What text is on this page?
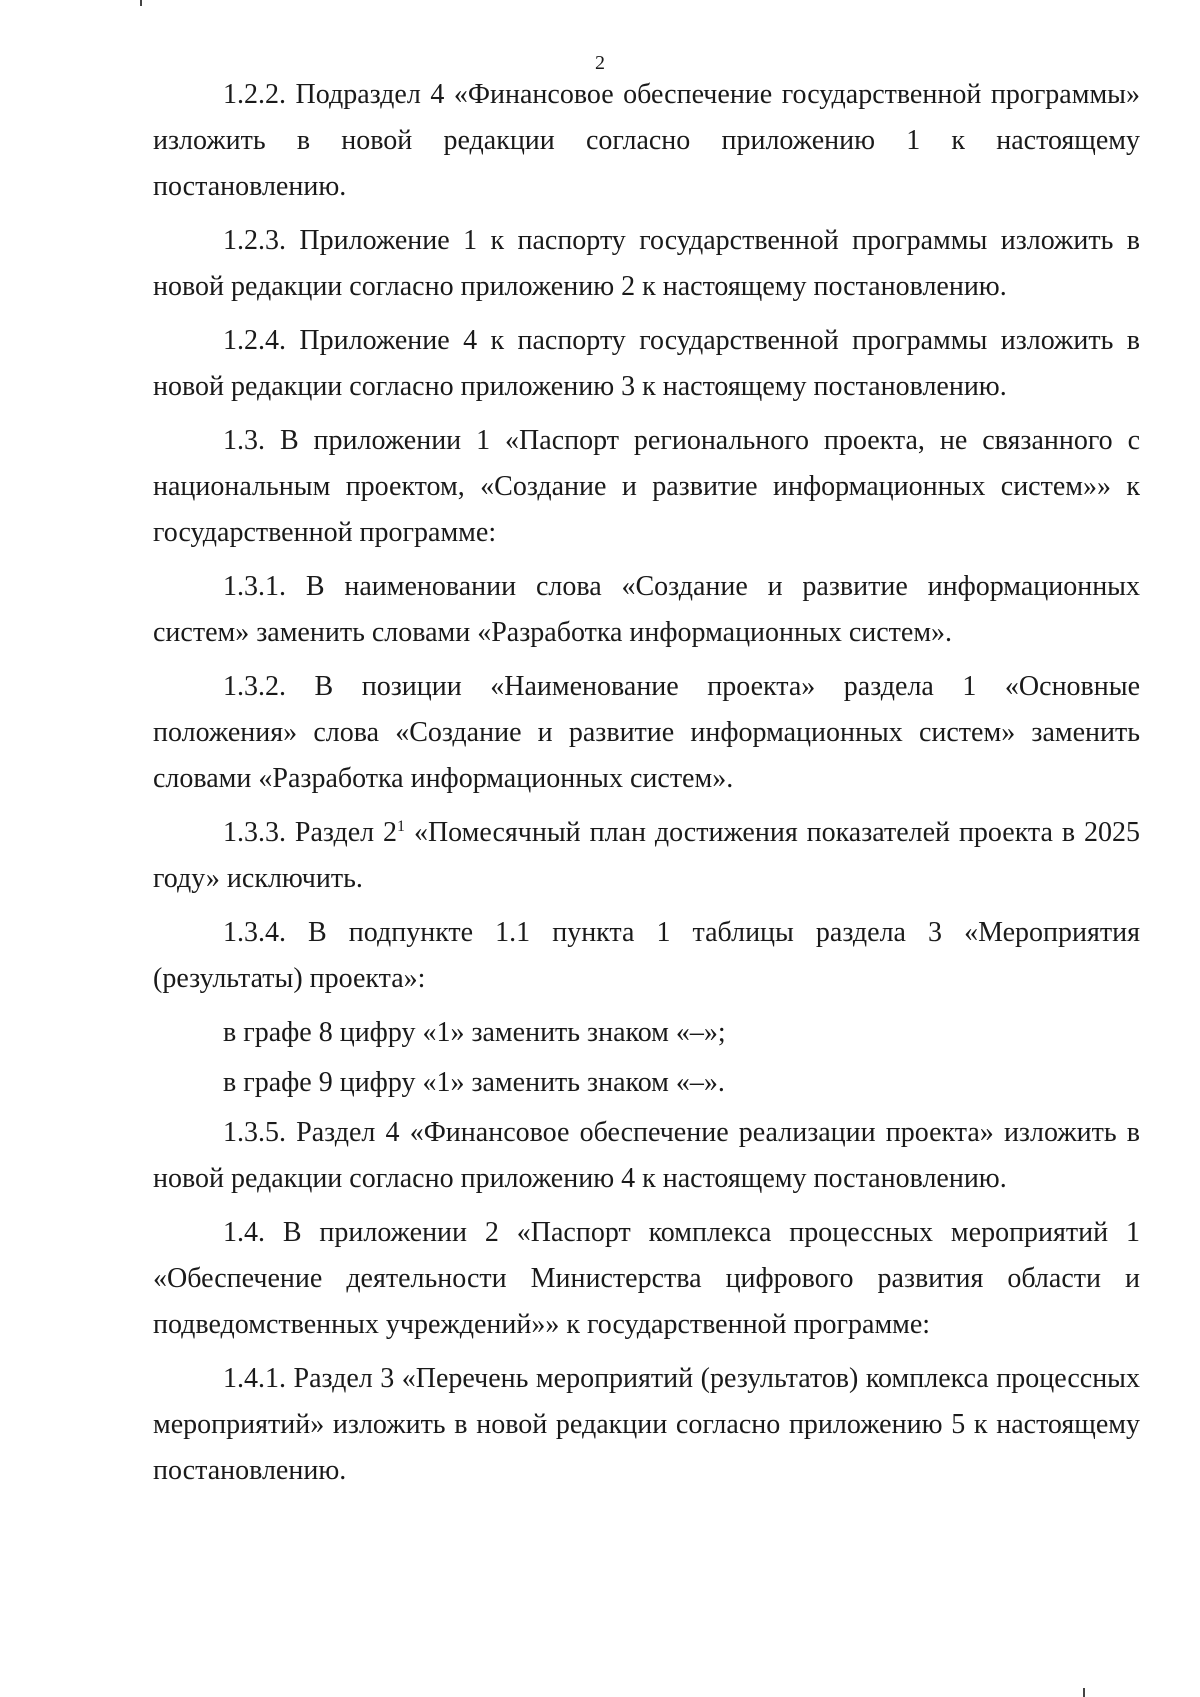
2

1.2.2. Подраздел 4 «Финансовое обеспечение государственной программы» изложить в новой редакции согласно приложению 1 к настоящему постановлению.

1.2.3. Приложение 1 к паспорту государственной программы изложить в новой редакции согласно приложению 2 к настоящему постановлению.

1.2.4. Приложение 4 к паспорту государственной программы изложить в новой редакции согласно приложению 3 к настоящему постановлению.

1.3. В приложении 1 «Паспорт регионального проекта, не связанного с национальным проектом, «Создание и развитие информационных систем»» к государственной программе:

1.3.1. В наименовании слова «Создание и развитие информационных систем» заменить словами «Разработка информационных систем».

1.3.2. В позиции «Наименование проекта» раздела 1 «Основные положения» слова «Создание и развитие информационных систем» заменить словами «Разработка информационных систем».

1.3.3. Раздел $2^1$ «Помесячный план достижения показателей проекта в 2025 году» исключить.

1.3.4. В подпункте 1.1 пункта 1 таблицы раздела 3 «Мероприятия (результаты) проекта»:

в графе 8 цифру «1» заменить знаком «–»;

в графе 9 цифру «1» заменить знаком «–».

1.3.5. Раздел 4 «Финансовое обеспечение реализации проекта» изложить в новой редакции согласно приложению 4 к настоящему постановлению.

1.4. В приложении 2 «Паспорт комплекса процессных мероприятий 1 «Обеспечение деятельности Министерства цифрового развития области и подведомственных учреждений»» к государственной программе:

1.4.1. Раздел 3 «Перечень мероприятий (результатов) комплекса процессных мероприятий» изложить в новой редакции согласно приложению 5 к настоящему постановлению.
